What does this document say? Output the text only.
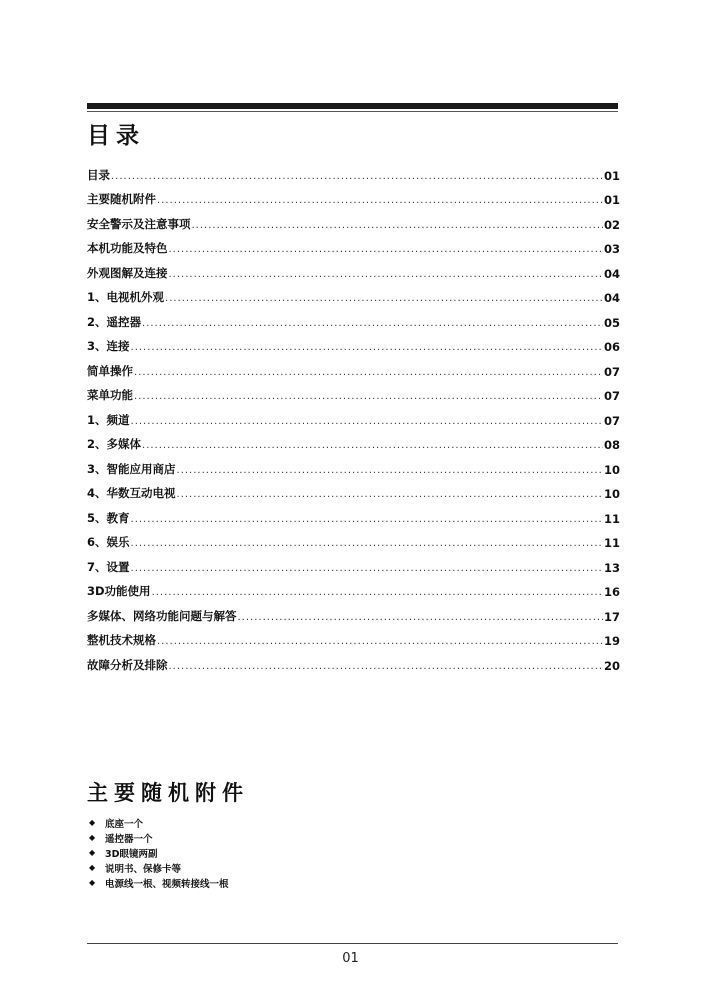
目录
目录 .....	01
主要随机附件 .....	01
安全警示及注意事项 .....	02
本机功能及特色 .....	03
外观图解及连接 .....	04
1、电视机外观 .....	04
2、遥控器 .....	05
3、连接 .....	06
简单操作 .....	07
菜单功能 .....	07
1、频道 .....	07
2、多媒体 .....	08
3、智能应用商店 .....	10
4、华数互动电视 .....	10
5、教育 .....	11
6、娱乐 .....	11
7、设置 .....	13
3D功能使用 .....	16
多媒体、网络功能问题与解答 .....	17
整机技术规格 .....	19
故障分析及排除 .....	20
主要随机附件
◆	底座一个
◆	遥控器一个
◆	3D眼镜两副
◆	说明书、保修卡等
◆	电源线一根、视频转接线一根
01
